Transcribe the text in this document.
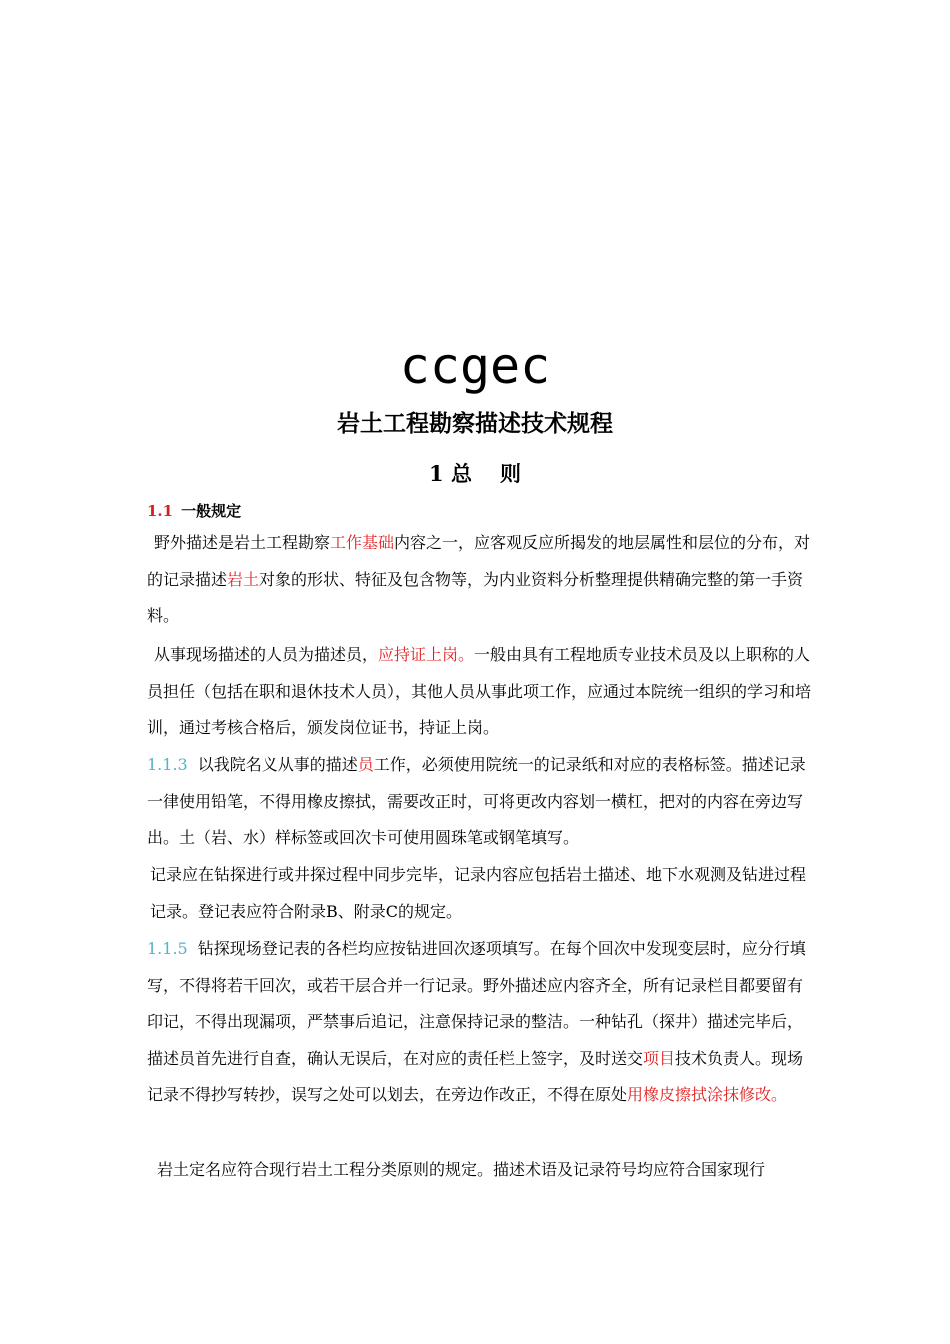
ccgec
岩土工程勘察描述技术规程
1 总 则
1.1 一般规定

野外描述是岩土工程勘察工作基础内容之一，应客观反应所揭发的地层属性和层位的分布，对的记录描述岩土对象的形状、特征及包含物等，为内业资料分析整理提供精确完整的第一手资料。

从事现场描述的人员为描述员，应持证上岗。一般由具有工程地质专业技术员及以上职称的人员担任（包括在职和退休技术人员），其他人员从事此项工作，应通过本院统一组织的学习和培训，通过考核合格后，颁发岗位证书，持证上岗。

1.1.3 以我院名义从事的描述员工作，必须使用院统一的记录纸和对应的表格标签。描述记录一律使用铅笔，不得用橡皮擦拭，需要改正时，可将更改内容划一横杠，把对的内容在旁边写出。土（岩、水）样标签或回次卡可使用圆珠笔或钢笔填写。

记录应在钻探进行或井探过程中同步完毕，记录内容应包括岩土描述、地下水观测及钻进过程记录。登记表应符合附录B、附录C的规定。

1.1.5 钻探现场登记表的各栏均应按钻进回次逐项填写。在每个回次中发现变层时，应分行填写，不得将若干回次，或若干层合并一行记录。野外描述应内容齐全，所有记录栏目都要留有印记，不得出现漏项，严禁事后追记，注意保持记录的整洁。一种钻孔（探井）描述完毕后，描述员首先进行自查，确认无误后，在对应的责任栏上签字，及时送交项目技术负责人。现场记录不得抄写转抄，误写之处可以划去，在旁边作改正，不得在原处用橡皮擦拭涂抹修改。

岩土定名应符合现行岩土工程分类原则的规定。描述术语及记录符号均应符合国家现行
